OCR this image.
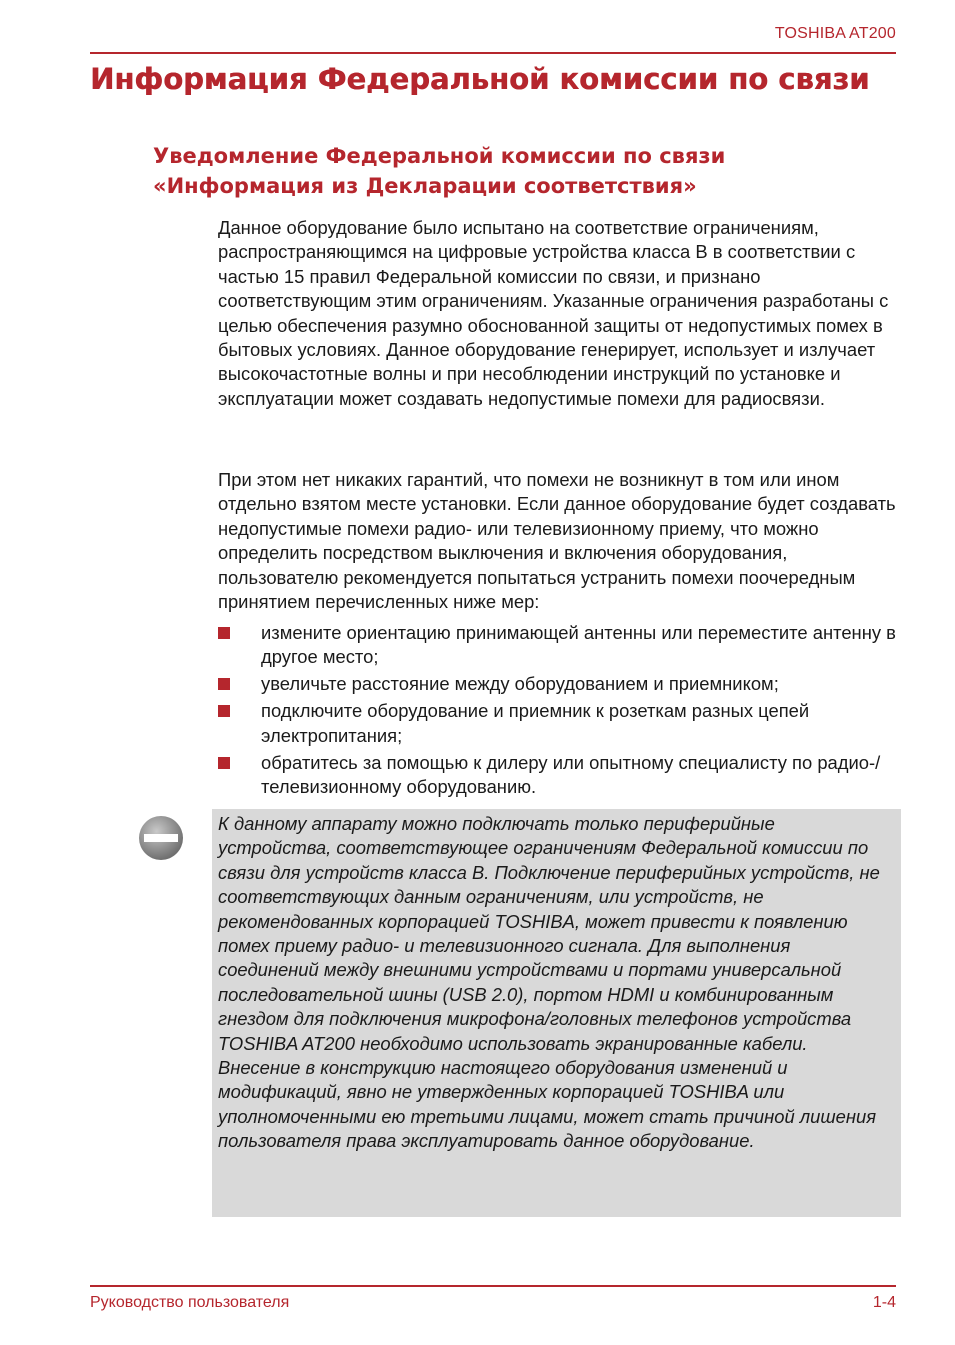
TOSHIBA AT200
Информация Федеральной комиссии по связи
Уведомление Федеральной комиссии по связи
«Информация из Декларации соответствия»
Данное оборудование было испытано на соответствие ограничениям, распространяющимся на цифровые устройства класса B в соответствии с частью 15 правил Федеральной комиссии по связи, и признано соответствующим этим ограничениям. Указанные ограничения разработаны с целью обеспечения разумно обоснованной защиты от недопустимых помех в бытовых условиях. Данное оборудование генерирует, использует и излучает высокочастотные волны и при несоблюдении инструкций по установке и эксплуатации может создавать недопустимые помехи для радиосвязи.
При этом нет никаких гарантий, что помехи не возникнут в том или ином отдельно взятом месте установки. Если данное оборудование будет создавать недопустимые помехи радио- или телевизионному приему, что можно определить посредством выключения и включения оборудования, пользователю рекомендуется попытаться устранить помехи поочередным принятием перечисленных ниже мер:
измените ориентацию принимающей антенны или переместите антенну в другое место;
увеличьте расстояние между оборудованием и приемником;
подключите оборудование и приемник к розеткам разных цепей электропитания;
обратитесь за помощью к дилеру или опытному специалисту по радио-/телевизионному оборудованию.
К данному аппарату можно подключать только периферийные устройства, соответствующее ограничениям Федеральной комиссии по связи для устройств класса B. Подключение периферийных устройств, не соответствующих данным ограничениям, или устройств, не рекомендованных корпорацией TOSHIBA, может привести к появлению помех приему радио- и телевизионного сигнала. Для выполнения соединений между внешними устройствами и портами универсальной последовательной шины (USB 2.0), портом HDMI и комбинированным гнездом для подключения микрофона/головных телефонов устройства TOSHIBA AT200 необходимо использовать экранированные кабели. Внесение в конструкцию настоящего оборудования изменений и модификаций, явно не утвержденных корпорацией TOSHIBA или уполномоченными ею третьими лицами, может стать причиной лишения пользователя права эксплуатировать данное оборудование.
Руководство пользователя	1-4
